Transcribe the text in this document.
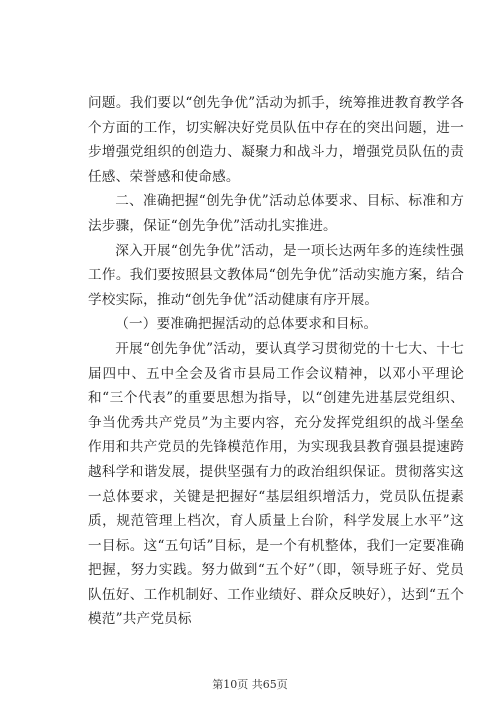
问题。我们要以“创先争优”活动为抓手，统筹推进教育教学各个方面的工作，切实解决好党员队伍中存在的突出问题，进一步增强党组织的创造力、凝聚力和战斗力，增强党员队伍的责任感、荣誉感和使命感。

二、准确把握“创先争优”活动总体要求、目标、标准和方法步骤，保证“创先争优”活动扎实推进。

深入开展“创先争优”活动，是一项长达两年多的连续性强工作。我们要按照县文教体局“创先争优”活动实施方案，结合学校实际，推动“创先争优”活动健康有序开展。

（一）要准确把握活动的总体要求和目标。

开展“创先争优”活动，要认真学习贯彻党的十七大、十七届四中、五中全会及省市县局工作会议精神，以邓小平理论和“三个代表”的重要思想为指导，以“创建先进基层党组织、争当优秀共产党员”为主要内容，充分发挥党组织的战斗堡垒作用和共产党员的先锋模范作用，为实现我县教育强县提速跨越科学和谐发展，提供坚强有力的政治组织保证。贯彻落实这一总体要求，关键是把握好“基层组织增活力，党员队伍提素质，规范管理上档次，育人质量上台阶，科学发展上水平”这一目标。这“五句话”目标，是一个有机整体，我们一定要准确把握，努力实践。努力做到“五个好”（即，领导班子好、党员队伍好、工作机制好、工作业绩好、群众反映好），达到“五个模范”共产党员标

第10页 共65页
